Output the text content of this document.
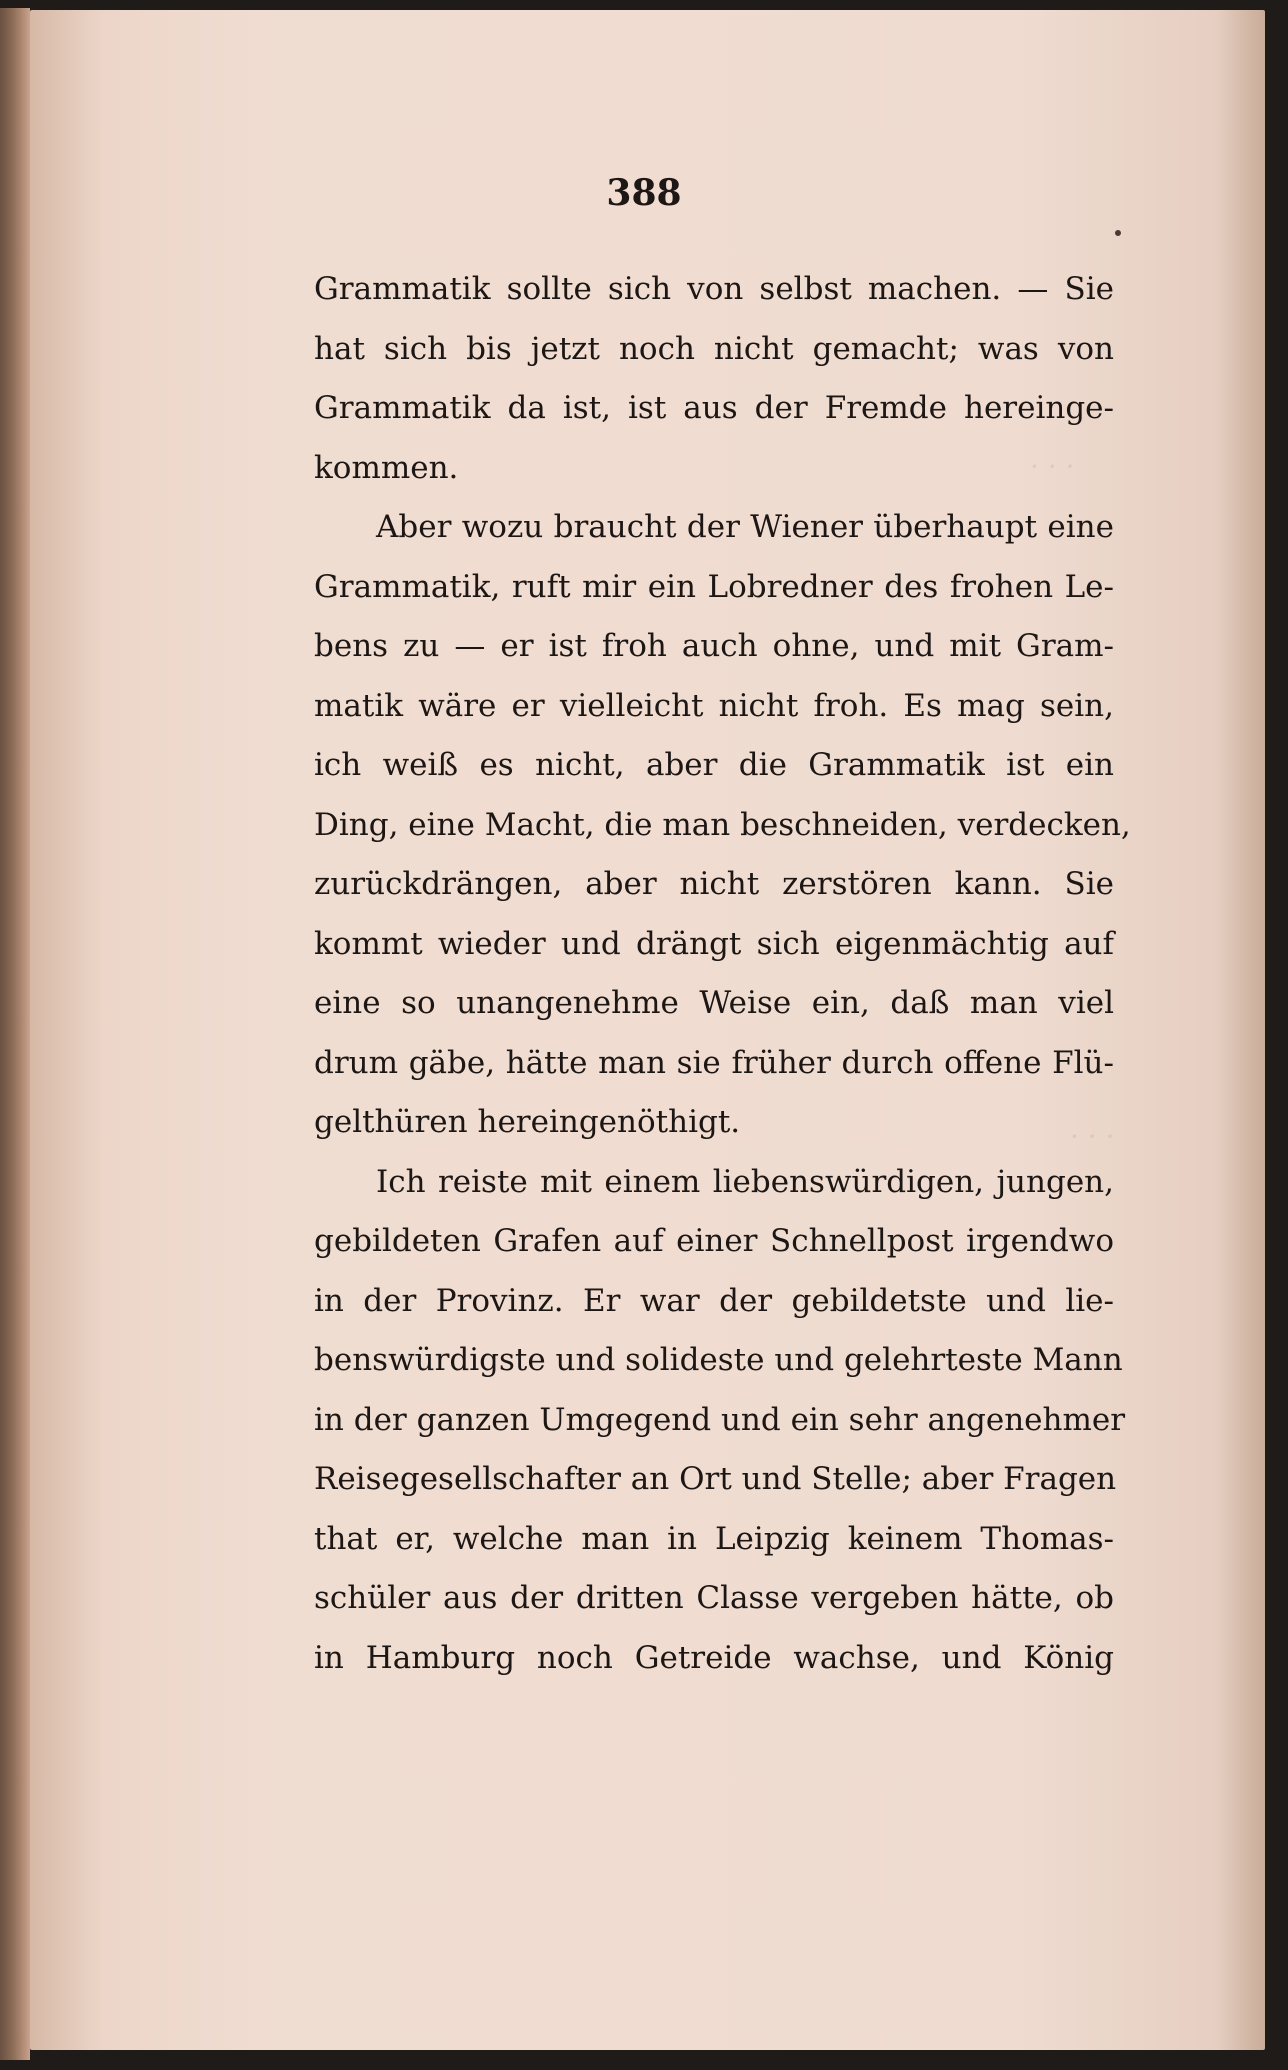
· · ·
· · ·
388
Grammatik sollte sich von selbst machen. — Sie
hat sich bis jetzt noch nicht gemacht; was von
Grammatik da ist, ist aus der Fremde hereinge-
kommen.
Aber wozu braucht der Wiener überhaupt eine
Grammatik, ruft mir ein Lobredner des frohen Le-
bens zu — er ist froh auch ohne, und mit Gram-
matik wäre er vielleicht nicht froh. Es mag sein,
ich weiß es nicht, aber die Grammatik ist ein
Ding, eine Macht, die man beschneiden, verdecken,
zurückdrängen, aber nicht zerstören kann. Sie
kommt wieder und drängt sich eigenmächtig auf
eine so unangenehme Weise ein, daß man viel
drum gäbe, hätte man sie früher durch offene Flü-
gelthüren hereingenöthigt.
Ich reiste mit einem liebenswürdigen, jungen,
gebildeten Grafen auf einer Schnellpost irgendwo
in der Provinz. Er war der gebildetste und lie-
benswürdigste und solideste und gelehrteste Mann
in der ganzen Umgegend und ein sehr angenehmer
Reisegesellschafter an Ort und Stelle; aber Fragen
that er, welche man in Leipzig keinem Thomas-
schüler aus der dritten Classe vergeben hätte, ob
in Hamburg noch Getreide wachse, und König
